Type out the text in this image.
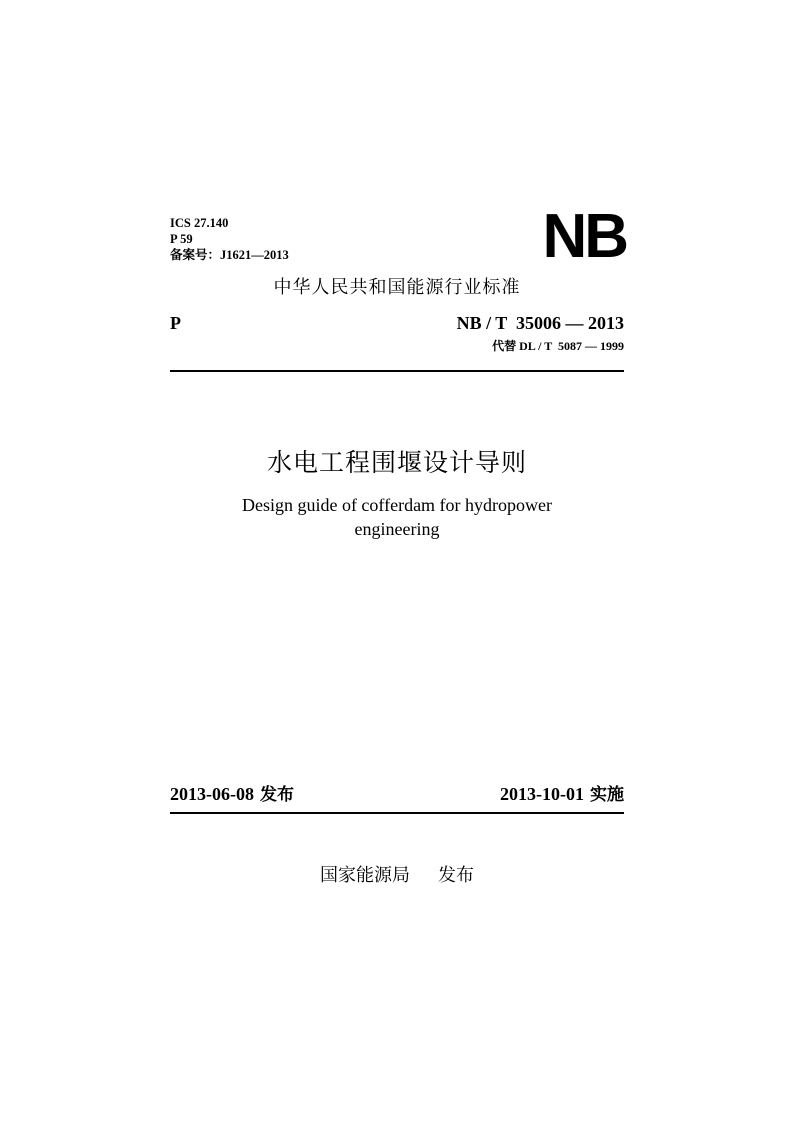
ICS 27.140
P 59
备案号：J1621—2013	NB
中华人民共和国能源行业标准
P	NB / T  35006 — 2013
代替 DL / T  5087 — 1999
水电工程围堰设计导则
Design guide of cofferdam for hydropower
engineering
2013-06-08 发布	2013-10-01 实施
国家能源局 发布
